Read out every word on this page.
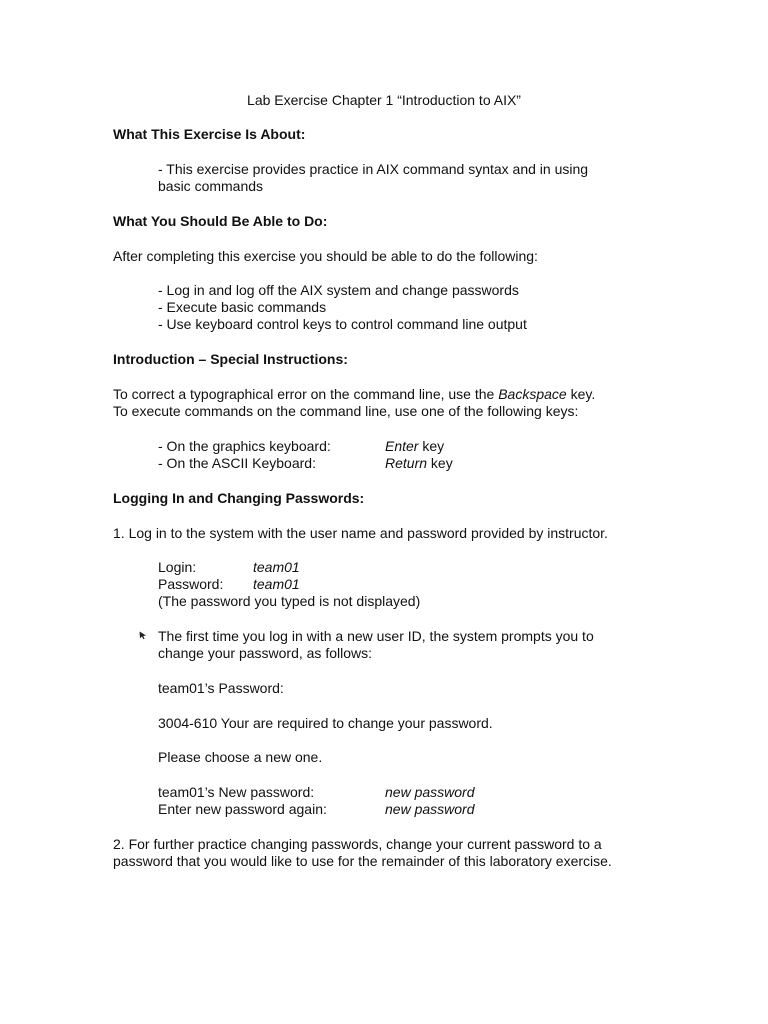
Lab Exercise Chapter 1 “Introduction to AIX”
What This Exercise Is About:
- This exercise provides practice in AIX command syntax and in using
basic commands
What You Should Be Able to Do:
After completing this exercise you should be able to do the following:
- Log in and log off the AIX system and change passwords
- Execute basic commands
- Use keyboard control keys to control command line output
Introduction – Special Instructions:
To correct a typographical error on the command line, use the Backspace key.
To execute commands on the command line, use one of the following keys:
- On the graphics keyboard:	Enter key
- On the ASCII Keyboard:	Return key
Logging In and Changing Passwords:
1. Log in to the system with the user name and password provided by instructor.
Login:	team01
Password: team01
(The password you typed is not displayed)
The first time you log in with a new user ID, the system prompts you to
change your password, as follows:
team01’s Password:
3004-610 Your are required to change your password.
Please choose a new one.
team01’s New password:	new password
Enter new password again:	new password
2. For further practice changing passwords, change your current password to a
password that you would like to use for the remainder of this laboratory exercise.
